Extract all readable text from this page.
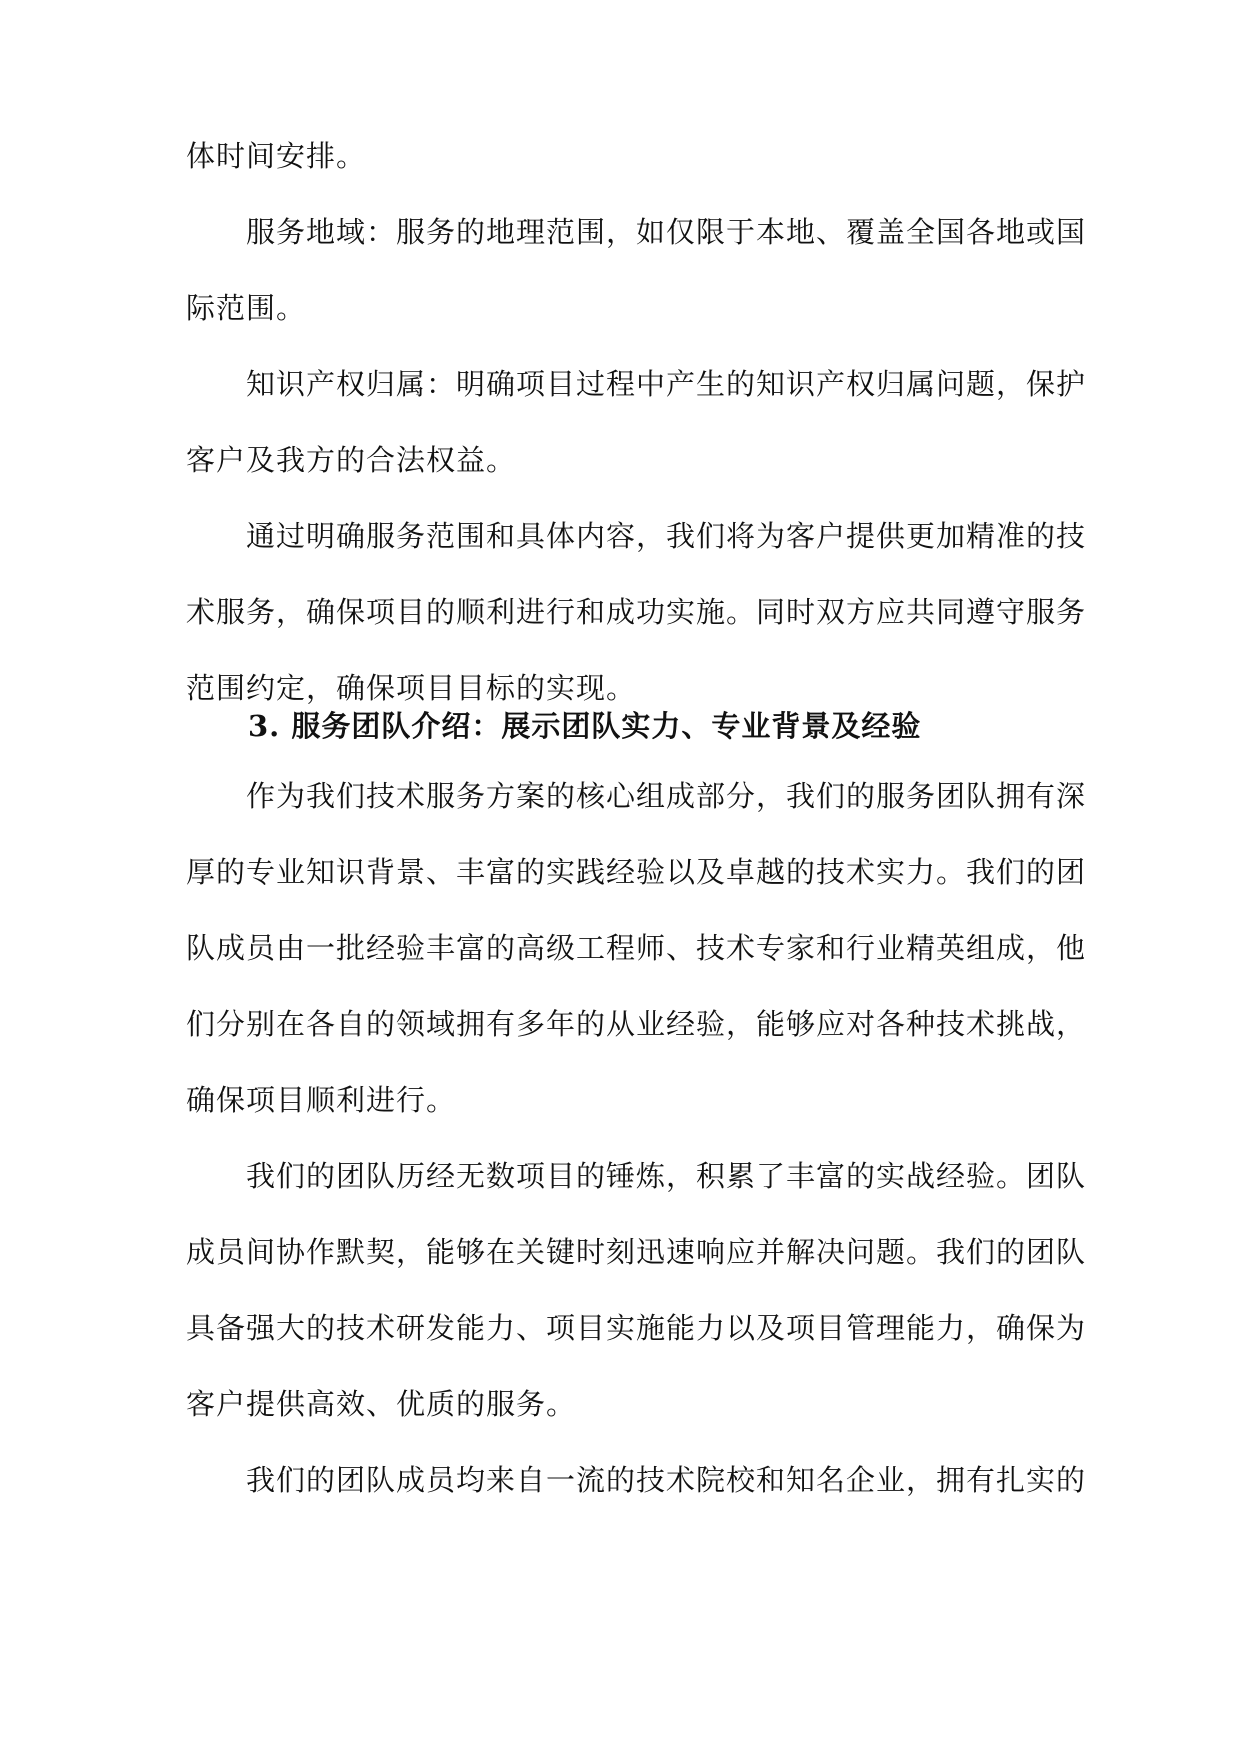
体时间安排。
服务地域：服务的地理范围，如仅限于本地、覆盖全国各地或国
际范围。
知识产权归属：明确项目过程中产生的知识产权归属问题，保护
客户及我方的合法权益。
通过明确服务范围和具体内容，我们将为客户提供更加精准的技
术服务，确保项目的顺利进行和成功实施。同时双方应共同遵守服务
范围约定，确保项目目标的实现。
3. 服务团队介绍：展示团队实力、专业背景及经验
作为我们技术服务方案的核心组成部分，我们的服务团队拥有深
厚的专业知识背景、丰富的实践经验以及卓越的技术实力。我们的团
队成员由一批经验丰富的高级工程师、技术专家和行业精英组成，他
们分别在各自的领域拥有多年的从业经验，能够应对各种技术挑战，
确保项目顺利进行。
我们的团队历经无数项目的锤炼，积累了丰富的实战经验。团队
成员间协作默契，能够在关键时刻迅速响应并解决问题。我们的团队
具备强大的技术研发能力、项目实施能力以及项目管理能力，确保为
客户提供高效、优质的服务。
我们的团队成员均来自一流的技术院校和知名企业，拥有扎实的
